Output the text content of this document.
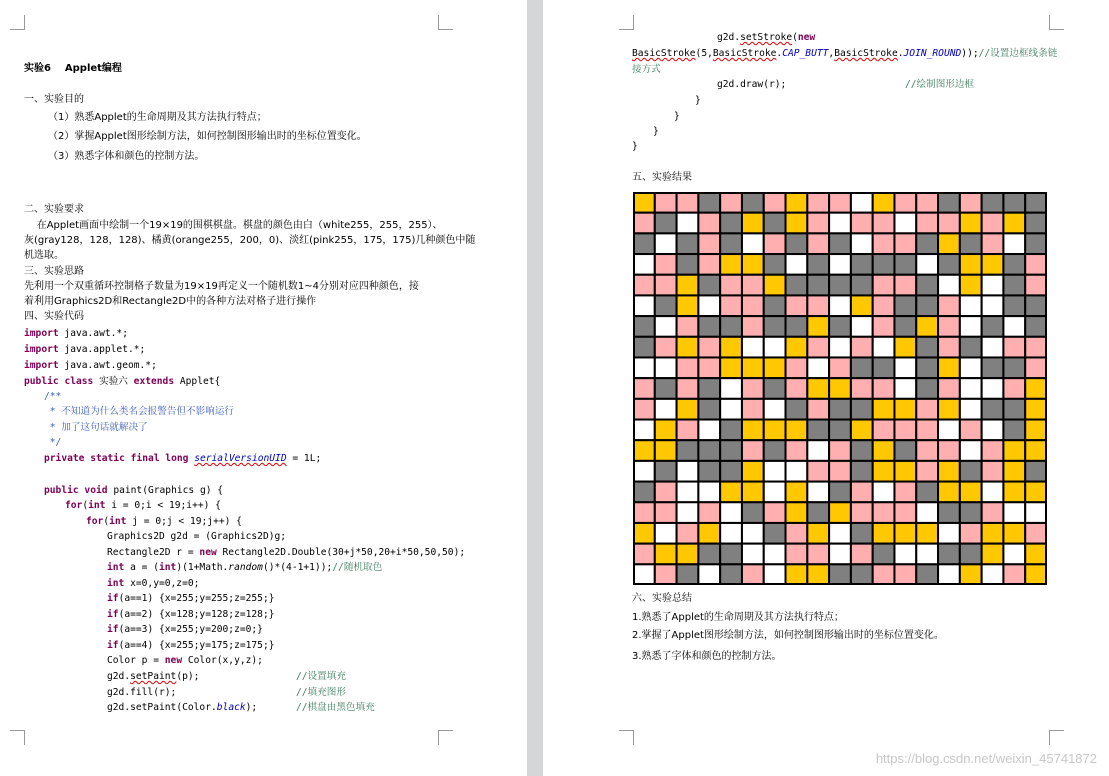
实验6    Applet编程
一、实验目的
（1）熟悉Applet的生命周期及其方法执行特点；
（2）掌握Applet图形绘制方法，如何控制图形输出时的坐标位置变化。
（3）熟悉字体和颜色的控制方法。
二、实验要求
在Applet画面中绘制一个19×19的围棋棋盘。棋盘的颜色由白（white255，255，255）、
灰(gray128，128，128)、橘黄(orange255，200，0)、淡红(pink255，175，175)几种颜色中随
机选取。
三、实验思路
先利用一个双重循环控制格子数量为19×19再定义一个随机数1~4分别对应四种颜色，接
着利用Graphics2D和Rectangle2D中的各种方法对格子进行操作
四、实验代码
import java.awt.*;
import java.applet.*;
import java.awt.geom.*;
public class 实验六 extends Applet{
/**
* 不知道为什么类名会报警告但不影响运行
* 加了这句话就解决了
*/
private static final long serialVersionUID = 1L;
public void paint(Graphics g) {
for(int i = 0;i < 19;i++) {
for(int j = 0;j < 19;j++) {
Graphics2D g2d = (Graphics2D)g;
Rectangle2D r = new Rectangle2D.Double(30+j*50,20+i*50,50,50);
int a = (int)(1+Math.random()*(4-1+1));//随机取色
int x=0,y=0,z=0;
if(a==1) {x=255;y=255;z=255;}
if(a==2) {x=128;y=128;z=128;}
if(a==3) {x=255;y=200;z=0;}
if(a==4) {x=255;y=175;z=175;}
Color p = new Color(x,y,z);
g2d.setPaint(p);	//设置填充
g2d.fill(r);	//填充图形
g2d.setPaint(Color.black);	//棋盘由黑色填充
g2d.setStroke(new
BasicStroke(5,BasicStroke.CAP_BUTT,BasicStroke.JOIN_ROUND));//设置边框线条链
接方式
g2d.draw(r);	//绘制图形边框
}
}
}
}
五、实验结果
六、实验总结
1.熟悉了Applet的生命周期及其方法执行特点；
2.掌握了Applet图形绘制方法，如何控制图形输出时的坐标位置变化。
3.熟悉了字体和颜色的控制方法。
https://blog.csdn.net/weixin_45741872
